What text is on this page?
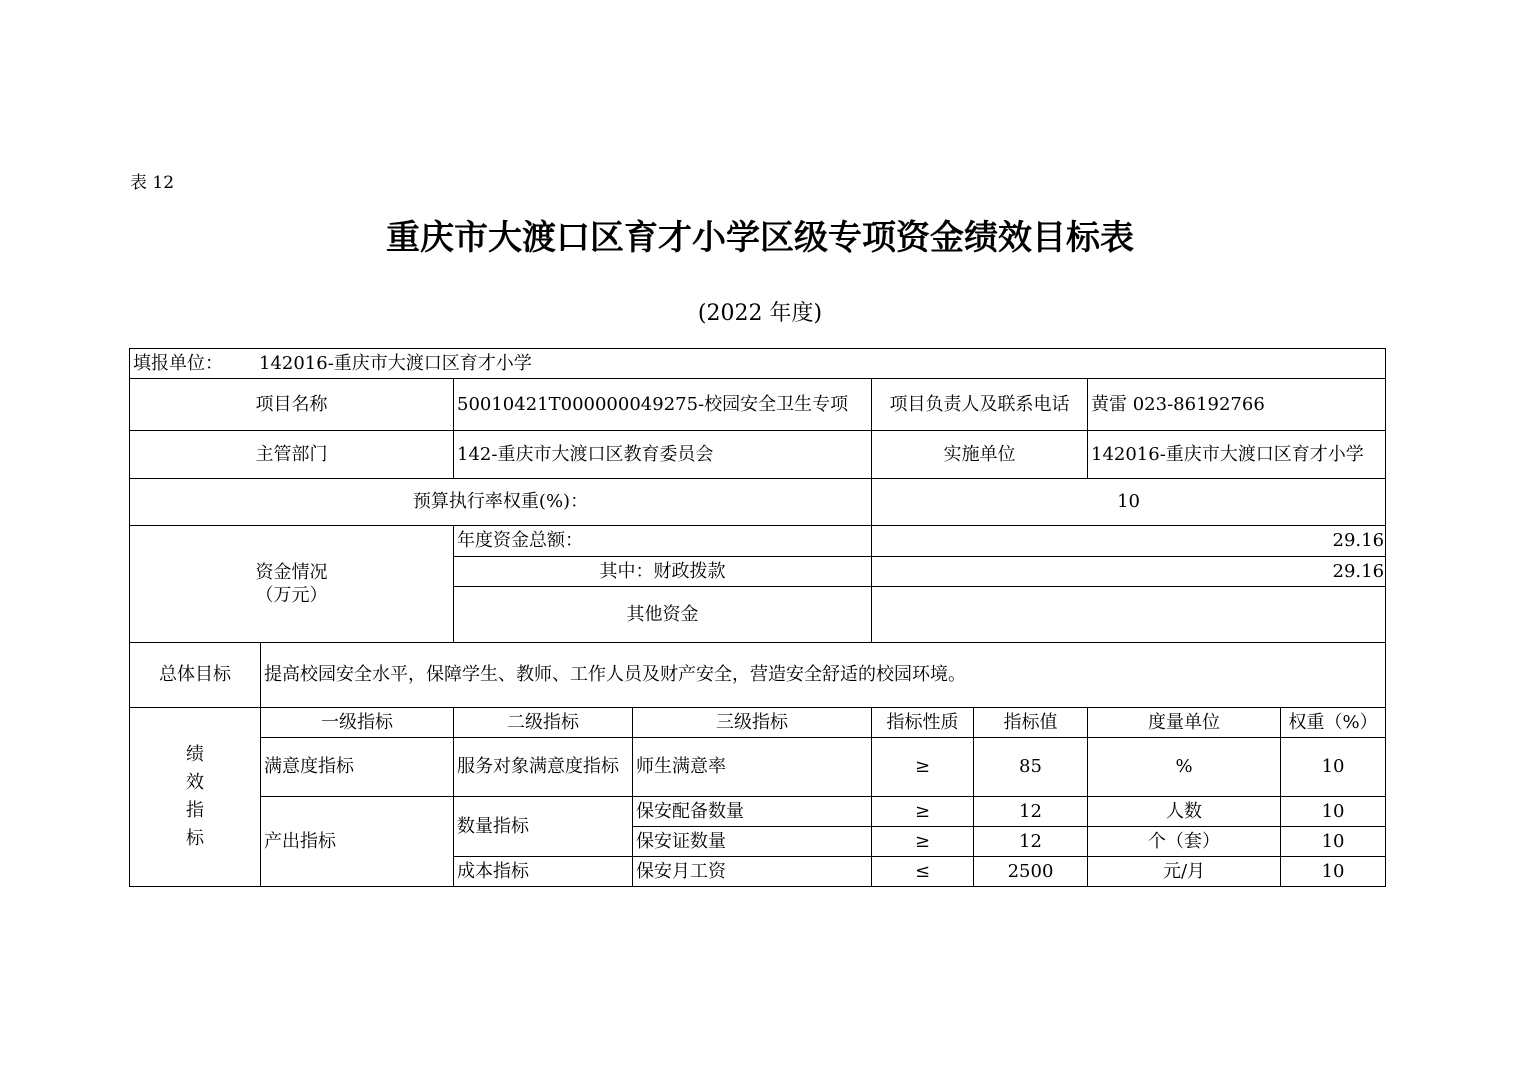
表 12
重庆市大渡口区育才小学区级专项资金绩效目标表
(2022 年度)
填报单位： 142016-重庆市大渡口区育才小学							
项目名称		50010421T000000049275-校园安全卫生专项		项目负责人及联系电话		黄雷 023-86192766	
主管部门		142-重庆市大渡口区教育委员会		实施单位		142016-重庆市大渡口区育才小学	
预算执行率权重(%)：				10			

资金情况
（万元）		年度资金总额：		29.16			
		其中：财政拨款		29.16			
		其他资金					
总体目标	提高校园安全水平，保障学生、教师、工作人员及财产安全，营造安全舒适的校园环境。						

绩
效
指
标	一级指标	二级指标	三级指标	指标性质	指标值	度量单位	权重（%）
	满意度指标	服务对象满意度指标	师生满意率	≥	85	%	10
	产出指标	数量指标	保安配备数量	≥	12	人数	10
			保安证数量	≥	12	个（套）	10
		成本指标	保安月工资	≤	2500	元/月	10
